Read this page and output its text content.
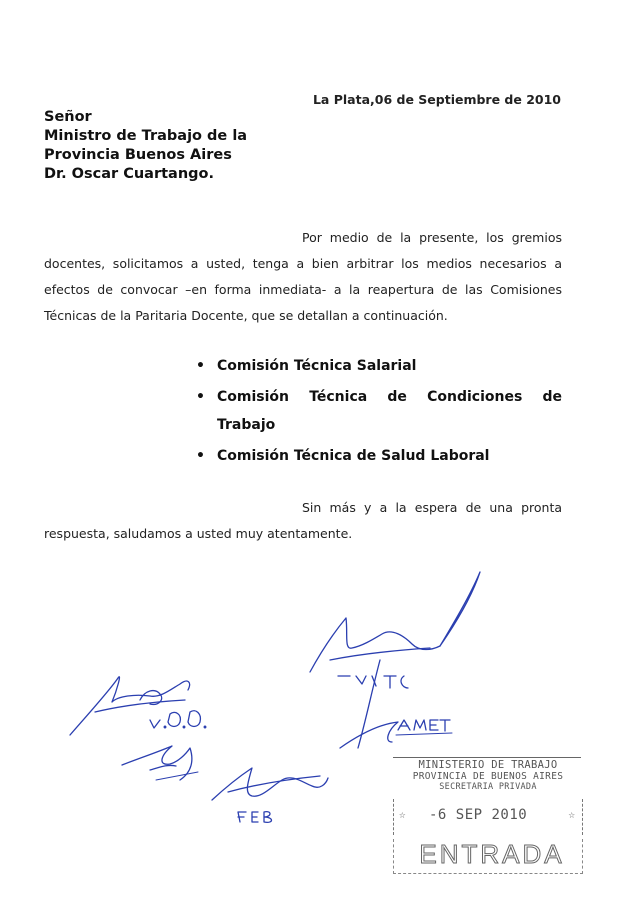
La Plata,06 de Septiembre de 2010
Señor
Ministro de Trabajo de la
Provincia Buenos Aires
Dr. Oscar Cuartango.
Por medio de la presente, los gremios docentes, solicitamos a usted, tenga a bien arbitrar los medios necesarios a efectos de convocar –en forma inmediata- a la reapertura de las Comisiones Técnicas de la Paritaria Docente, que se detallan a continuación.
• Comisión Técnica Salarial
• Comisión Técnica de Condiciones de Trabajo
• Comisión Técnica de Salud Laboral
Sin más y a la espera de una pronta respuesta, saludamos a usted muy atentamente.
MINISTERIO DE TRABAJO
PROVINCIA DE BUENOS AIRES
SECRETARIA PRIVADA
☆ -6 SEP 2010	☆
ENTRADA
